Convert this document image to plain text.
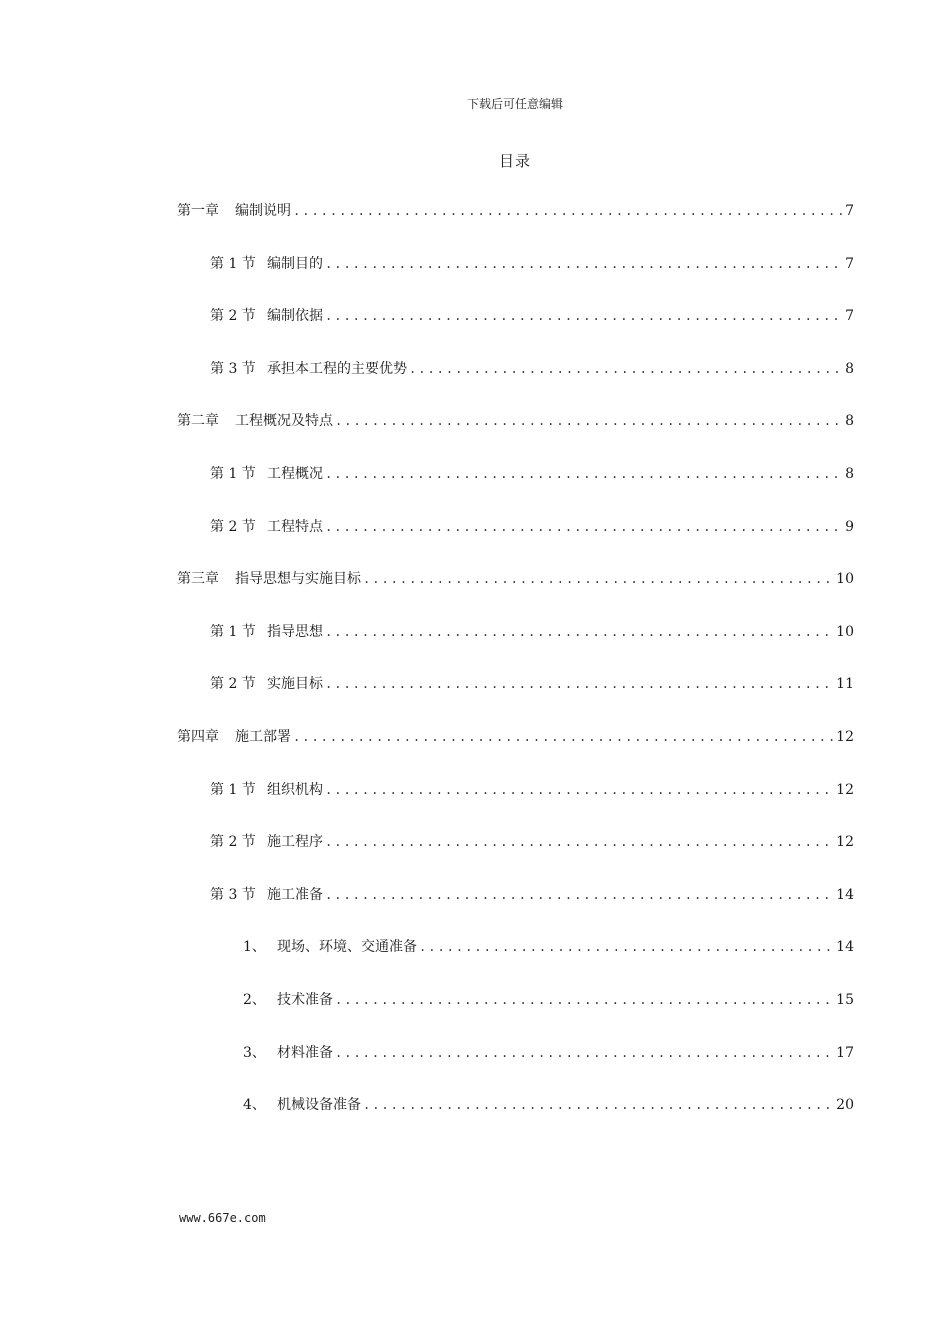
下载后可任意编辑
目录
第一章	编制说明 .....	7
第 1 节 编制目的 .....	7
第 2 节 编制依据 .....	7
第 3 节 承担本工程的主要优势 .....	8
第二章	工程概况及特点 .....	8
第 1 节 工程概况 .....	8
第 2 节 工程特点 .....	9
第三章	指导思想与实施目标 .....	10
第 1 节 指导思想 .....	10
第 2 节 实施目标 .....	11
第四章	施工部署 .....	12
第 1 节 组织机构 .....	12
第 2 节 施工程序 .....	12
第 3 节 施工准备 .....	14
1、 现场、环境、交通准备 .....	14
2、 技术准备 .....	15
3、 材料准备 .....	17
4、 机械设备准备 .....	20
www.667e.com
